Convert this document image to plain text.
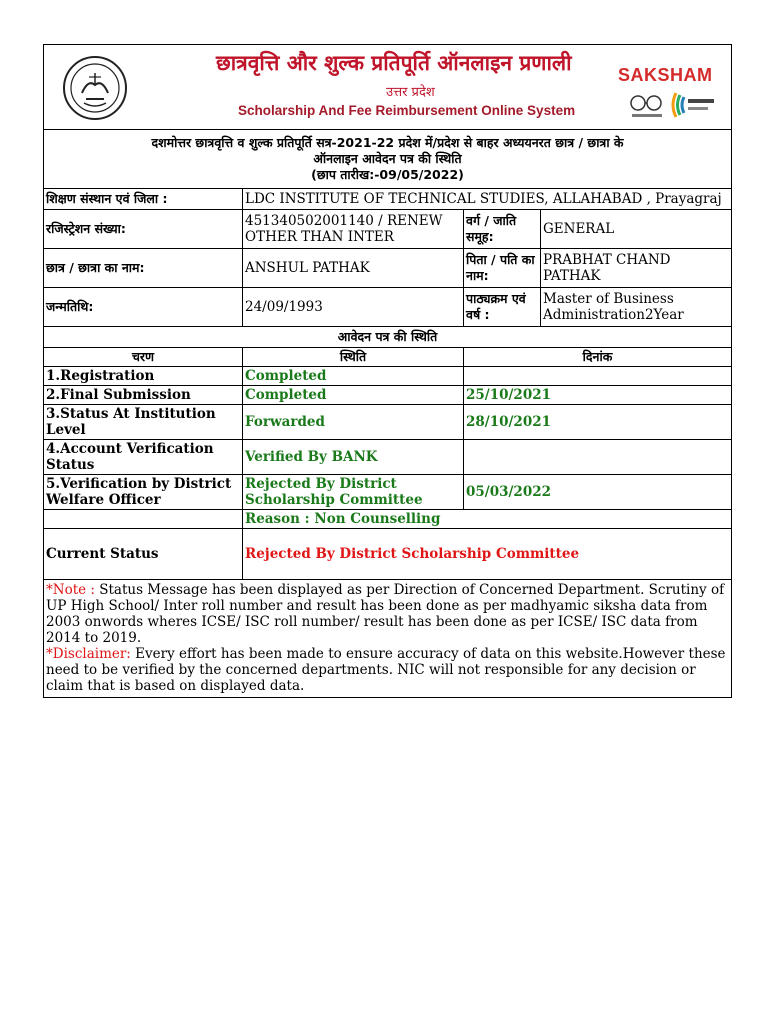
छात्रवृत्ति और शुल्क प्रतिपूर्ति ऑनलाइन प्रणाली
उत्तर प्रदेश
Scholarship And Fee Reimbursement Online System
SAKSHAM			

दशमोत्तर छात्रवृत्ति व शुल्क प्रतिपूर्ति सत्र-2021-22 प्रदेश में/प्रदेश से बाहर अध्ययनरत छात्र / छात्रा के
ऑनलाइन आवेदन पत्र की स्थिति
(छाप तारीख:-09/05/2022)			

शिक्षण संस्थान एवं जिला :	LDC INSTITUTE OF TECHNICAL STUDIES, ALLAHABAD , Prayagraj		
रजिस्ट्रेशन संख्या:	451340502001140 / RENEW OTHER THAN INTER	वर्ग / जाति समूह:	GENERAL
छात्र / छात्रा का नाम:	ANSHUL PATHAK	पिता / पति का नाम:	PRABHAT CHAND PATHAK
जन्मतिथि:	24/09/1993	पाठ्यक्रम एवं वर्ष :	Master of Business Administration2Year
आवेदन पत्र की स्थिति			
चरण	स्थिति	दिनांक	
1.Registration	Completed		
2.Final Submission	Completed	25/10/2021	
3.Status At Institution Level	Forwarded	28/10/2021	
4.Account Verification Status	Verified By BANK		
5.Verification by District Welfare Officer	Rejected By District Scholarship Committee	05/03/2022	
	Reason : Non Counselling		
Current Status	Rejected By District Scholarship Committee		
*Note : Status Message has been displayed as per Direction of Concerned Department. Scrutiny of UP High School/ Inter roll number and result has been done as per madhyamic siksha data from 2003 onwords wheres ICSE/ ISC roll number/ result has been done as per ICSE/ ISC data from 2014 to 2019.
*Disclaimer: Every effort has been made to ensure accuracy of data on this website.However these need to be verified by the concerned departments. NIC will not responsible for any decision or claim that is based on displayed data.			
